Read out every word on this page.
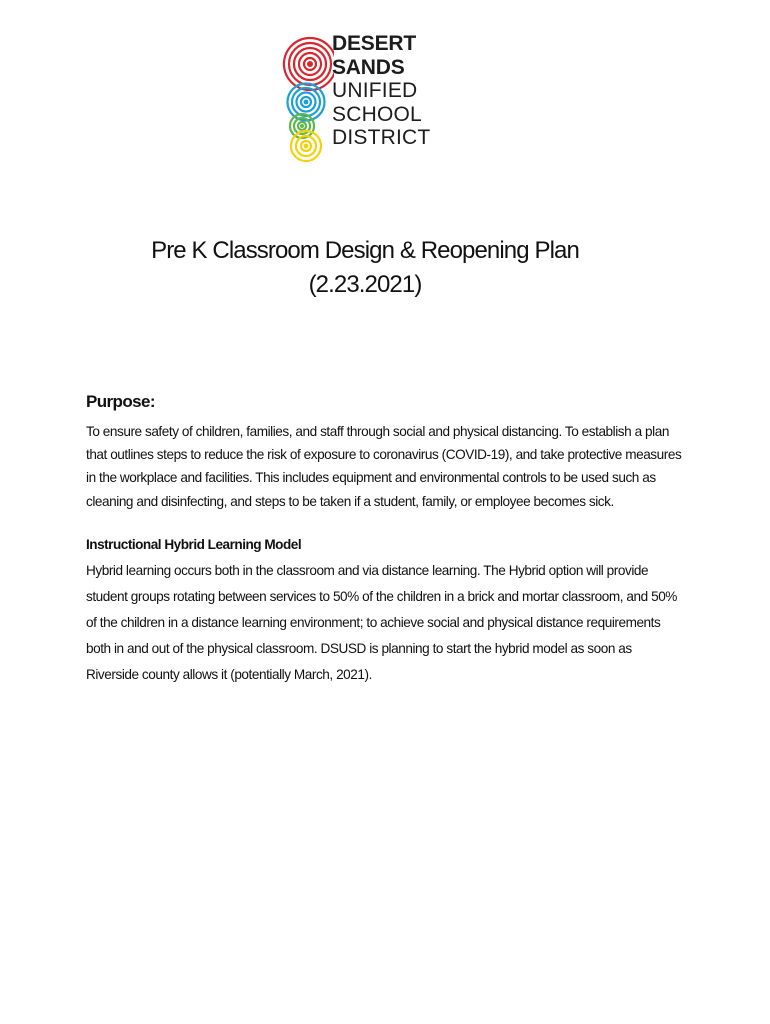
DESERT
SANDS
UNIFIED
SCHOOL
DISTRICT
Pre K Classroom Design & Reopening Plan
(2.23.2021)
Purpose:

To ensure safety of children, families, and staff through social and physical distancing. To establish a plan
that outlines steps to reduce the risk of exposure to coronavirus (COVID-19), and take protective measures
in the workplace and facilities. This includes equipment and environmental controls to be used such as
cleaning and disinfecting, and steps to be taken if a student, family, or employee becomes sick.

Instructional Hybrid Learning Model

Hybrid learning occurs both in the classroom and via distance learning. The Hybrid option will provide
student groups rotating between services to 50% of the children in a brick and mortar classroom, and 50%
of the children in a distance learning environment; to achieve social and physical distance requirements
both in and out of the physical classroom. DSUSD is planning to start the hybrid model as soon as
Riverside county allows it (potentially March, 2021).
